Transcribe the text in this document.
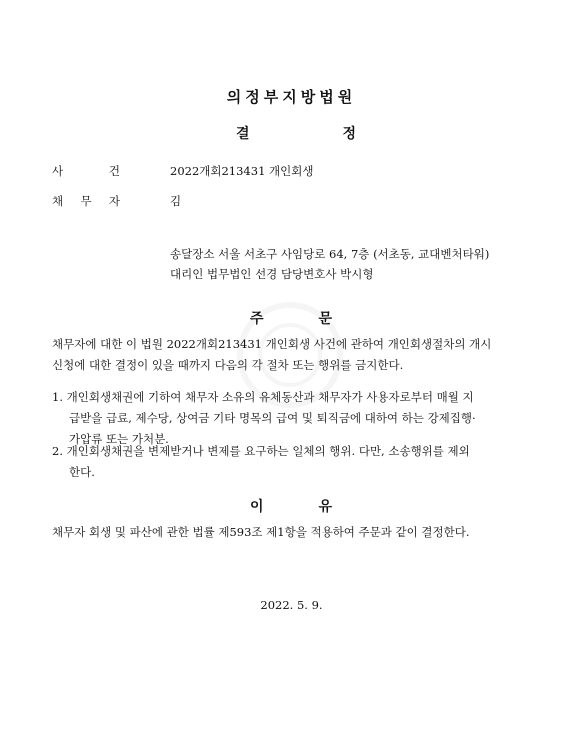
의정부지방법원
결	정
사	건	2022개회213431 개인회생
채 무 자	김
송달장소 서울 서초구 사임당로 64, 7층 (서초동, 교대벤처타워)
대리인 법무법인 선경 담당변호사 박시형
주	문
채무자에 대한 이 법원 2022개회213431 개인회생 사건에 관하여 개인회생절차의 개시
신청에 대한 결정이 있을 때까지 다음의 각 절차 또는 행위를 금지한다.
1. 개인회생채권에 기하여 채무자 소유의 유체동산과 채무자가 사용자로부터 매월 지
급받을 급료, 제수당, 상여금 기타 명목의 급여 및 퇴직금에 대하여 하는 강제집행·
가압류 또는 가처분.
2. 개인회생채권을 변제받거나 변제를 요구하는 일체의 행위. 다만, 소송행위를 제외
한다.
이	유
채무자 회생 및 파산에 관한 법률 제593조 제1항을 적용하여 주문과 같이 결정한다.
2022. 5. 9.
